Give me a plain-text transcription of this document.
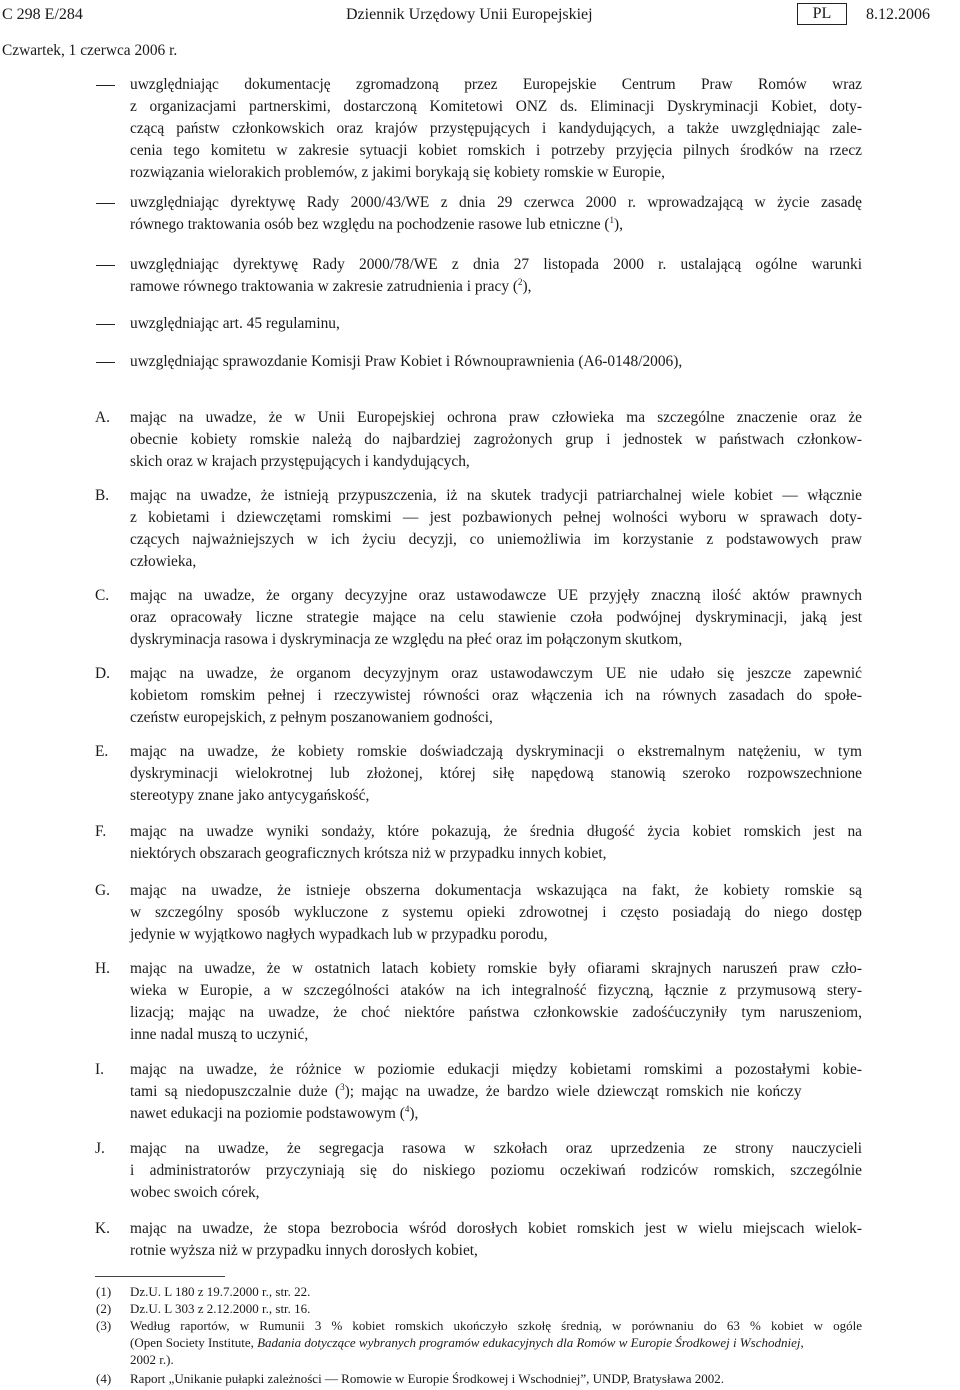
C 298 E/284	Dziennik Urzędowy Unii Europejskiej	PL	8.12.2006
Czwartek, 1 czerwca 2006 r.
uwzględniając dokumentację zgromadzoną przez Europejskie Centrum Praw Romów wraz
z organizacjami partnerskimi, dostarczoną Komitetowi ONZ ds. Eliminacji Dyskryminacji Kobiet, doty-
czącą państw członkowskich oraz krajów przystępujących i kandydujących, a także uwzględniając zale-
cenia tego komitetu w zakresie sytuacji kobiet romskich i potrzeby przyjęcia pilnych środków na rzecz
rozwiązania wielorakich problemów, z jakimi borykają się kobiety romskie w Europie,
uwzględniając dyrektywę Rady 2000/43/WE z dnia 29 czerwca 2000 r. wprowadzającą w życie zasadę
równego traktowania osób bez względu na pochodzenie rasowe lub etniczne ($^1$),
uwzględniając dyrektywę Rady 2000/78/WE z dnia 27 listopada 2000 r. ustalającą ogólne warunki
ramowe równego traktowania w zakresie zatrudnienia i pracy ($^2$),
uwzględniając art. 45 regulaminu,
uwzględniając sprawozdanie Komisji Praw Kobiet i Równouprawnienia (A6-0148/2006),
A. mając na uwadze, że w Unii Europejskiej ochrona praw człowieka ma szczególne znaczenie oraz że
obecnie kobiety romskie należą do najbardziej zagrożonych grup i jednostek w państwach członkow-
skich oraz w krajach przystępujących i kandydujących,
B. mając na uwadze, że istnieją przypuszczenia, iż na skutek tradycji patriarchalnej wiele kobiet — włącznie
z kobietami i dziewczętami romskimi — jest pozbawionych pełnej wolności wyboru w sprawach doty-
czących najważniejszych w ich życiu decyzji, co uniemożliwia im korzystanie z podstawowych praw
człowieka,
C. mając na uwadze, że organy decyzyjne oraz ustawodawcze UE przyjęły znaczną ilość aktów prawnych
oraz opracowały liczne strategie mające na celu stawienie czoła podwójnej dyskryminacji, jaką jest
dyskryminacja rasowa i dyskryminacja ze względu na płeć oraz im połączonym skutkom,
D. mając na uwadze, że organom decyzyjnym oraz ustawodawczym UE nie udało się jeszcze zapewnić
kobietom romskim pełnej i rzeczywistej równości oraz włączenia ich na równych zasadach do społe-
czeństw europejskich, z pełnym poszanowaniem godności,
E. mając na uwadze, że kobiety romskie doświadczają dyskryminacji o ekstremalnym natężeniu, w tym
dyskryminacji wielokrotnej lub złożonej, której siłę napędową stanowią szeroko rozpowszechnione
stereotypy znane jako antycygańskość,
F. mając na uwadze wyniki sondaży, które pokazują, że średnia długość życia kobiet romskich jest na
niektórych obszarach geograficznych krótsza niż w przypadku innych kobiet,
G. mając na uwadze, że istnieje obszerna dokumentacja wskazująca na fakt, że kobiety romskie są
w szczególny sposób wykluczone z systemu opieki zdrowotnej i często posiadają do niego dostęp
jedynie w wyjątkowo nagłych wypadkach lub w przypadku porodu,
H. mając na uwadze, że w ostatnich latach kobiety romskie były ofiarami skrajnych naruszeń praw czło-
wieka w Europie, a w szczególności ataków na ich integralność fizyczną, łącznie z przymusową stery-
lizacją; mając na uwadze, że choć niektóre państwa członkowskie zadośćuczyniły tym naruszeniom,
inne nadal muszą to uczynić,
I. mając na uwadze, że różnice w poziomie edukacji między kobietami romskimi a pozostałymi kobie-
tami są niedopuszczalnie duże ($^3$); mając na uwadze, że bardzo wiele dziewcząt romskich nie kończy
nawet edukacji na poziomie podstawowym ($^4$),
J. mając na uwadze, że segregacja rasowa w szkołach oraz uprzedzenia ze strony nauczycieli
i administratorów przyczyniają się do niskiego poziomu oczekiwań rodziców romskich, szczególnie
wobec swoich córek,
K. mając na uwadze, że stopa bezrobocia wśród dorosłych kobiet romskich jest w wielu miejscach wielok-
rotnie wyższa niż w przypadku innych dorosłych kobiet,
(1) Dz.U. L 180 z 19.7.2000 r., str. 22.
(2) Dz.U. L 303 z 2.12.2000 r., str. 16.
(3) Według raportów, w Rumunii 3 % kobiet romskich ukończyło szkołę średnią, w porównaniu do 63 % kobiet w ogóle
(Open Society Institute, Badania dotyczące wybranych programów edukacyjnych dla Romów w Europie Środkowej i Wschodniej,
2002 r.).
(4) Raport „Unikanie pułapki zależności — Romowie w Europie Środkowej i Wschodniej”, UNDP, Bratysława 2002.
